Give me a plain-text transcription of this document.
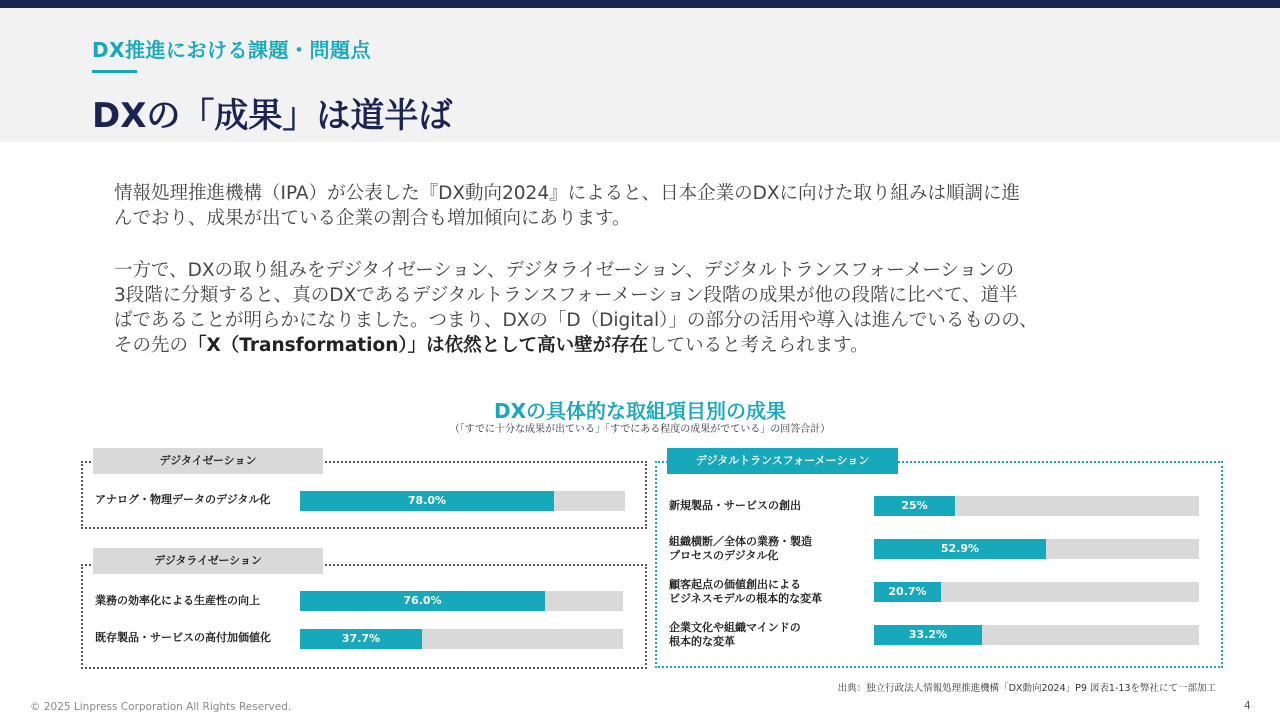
DX推進における課題・問題点
DXの「成果」は道半ば
情報処理推進機構（IPA）が公表した『DX動向2024』によると、日本企業のDXに向けた取り組みは順調に進
んでおり、成果が出ている企業の割合も増加傾向にあります。
一方で、DXの取り組みをデジタイゼーション、デジタライゼーション、デジタルトランスフォーメーションの
3段階に分類すると、真のDXであるデジタルトランスフォーメーション段階の成果が他の段階に比べて、道半
ばであることが明らかになりました。つまり、DXの「D（Digital）」の部分の活用や導入は進んでいるものの、
その先の「X（Transformation）」は依然として高い壁が存在していると考えられます。
DXの具体的な取組項目別の成果
（「すでに十分な成果が出ている」「すでにある程度の成果がでている」の回答合計）
デジタイゼーション
アナログ・物理データのデジタル化	78.0%
デジタライゼーション
業務の効率化による生産性の向上	76.0%
既存製品・サービスの高付加価値化	37.7%
デジタルトランスフォーメーション
新規製品・サービスの創出	25%
組織横断／全体の業務・製造
プロセスのデジタル化
52.9%
顧客起点の価値創出による
ビジネスモデルの根本的な変革
20.7%
企業文化や組織マインドの
根本的な変革
33.2%
出典：独立行政法人情報処理推進機構「DX動向2024」P9 図表1-13を弊社にて一部加工
© 2025 Linpress Corporation All Rights Reserved.	4
